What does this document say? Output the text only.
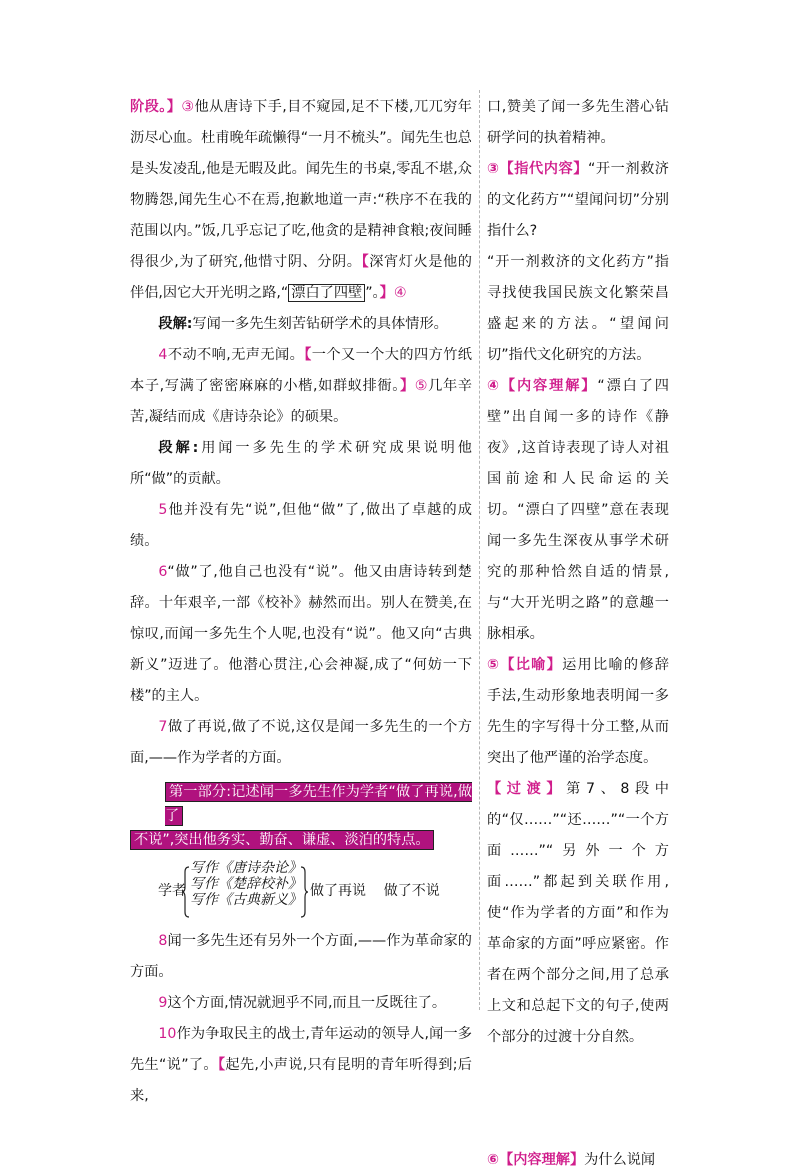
阶段。】③他从唐诗下手,目不窥园,足不下楼,兀兀穷年沥尽心血。杜甫晚年疏懒得“一月不梳头”。闻先生也总是头发凌乱,他是无暇及此。闻先生的书桌,零乱不堪,众物腾怨,闻先生心不在焉,抱歉地道一声:“秩序不在我的范围以内。”饭,几乎忘记了吃,他贪的是精神食粮;夜间睡得很少,为了研究,他惜寸阴、分阴。【深宵灯火是他的伴侣,因它大开光明之路,“ 漂白了四壁 ”。】④

段解:写闻一多先生刻苦钻研学术的具体情形。

4不动不响,无声无闻。【一个又一个大的四方竹纸本子,写满了密密麻麻的小楷,如群蚁排衙。】⑤几年辛苦,凝结而成《唐诗杂论》的硕果。

段解:用闻一多先生的学术研究成果说明他所“做”的贡献。

5他并没有先“说”,但他“做”了,做出了卓越的成绩。

6“做”了,他自己也没有“说”。他又由唐诗转到楚辞。十年艰辛,一部《校补》赫然而出。别人在赞美,在惊叹,而闻一多先生个人呢,也没有“说”。他又向“古典新义”迈进了。他潜心贯注,心会神凝,成了“何妨一下楼”的主人。

7做了再说,做了不说,这仅是闻一多先生的一个方面,——作为学者的方面。

第一部分:记述闻一多先生作为学者“做了再说,做了
不说”,突出他务实、勤奋、谦虚、淡泊的特点。
学者
写作《唐诗杂论》
写作《楚辞校补》
写作《古典新义》
做了再说    做了不说

8闻一多先生还有另外一个方面,——作为革命家的方面。

9这个方面,情况就迥乎不同,而且一反既往了。

10作为争取民主的战士,青年运动的领导人,闻一多先生“说”了。【起先,小声说,只有昆明的青年听得到;后来,

口,赞美了闻一多先生潜心钻研学问的执着精神。

③【指代内容】“开一剂救济的文化药方”“望闻问切”分别指什么?

“开一剂救济的文化药方”指寻找使我国民族文化繁荣昌盛起来的方法。“望闻问切”指代文化研究的方法。

④【内容理解】“漂白了四壁”出自闻一多的诗作《静夜》,这首诗表现了诗人对祖国前途和人民命运的关切。“漂白了四壁”意在表现闻一多先生深夜从事学术研究的那种恰然自适的情景,与“大开光明之路”的意趣一脉相承。

⑤【比喻】运用比喻的修辞手法,生动形象地表明闻一多先生的字写得十分工整,从而突出了他严谨的治学态度。

【过渡】第7、8段中的“仅……”“还……”“一个方面……”“另外一个方面……”都起到关联作用,使“作为学者的方面”和作为革命家的方面”呼应紧密。作者在两个部分之间,用了总承上文和总起下文的句子,使两个部分的过渡十分自然。

⑥【内容理解】为什么说闻
